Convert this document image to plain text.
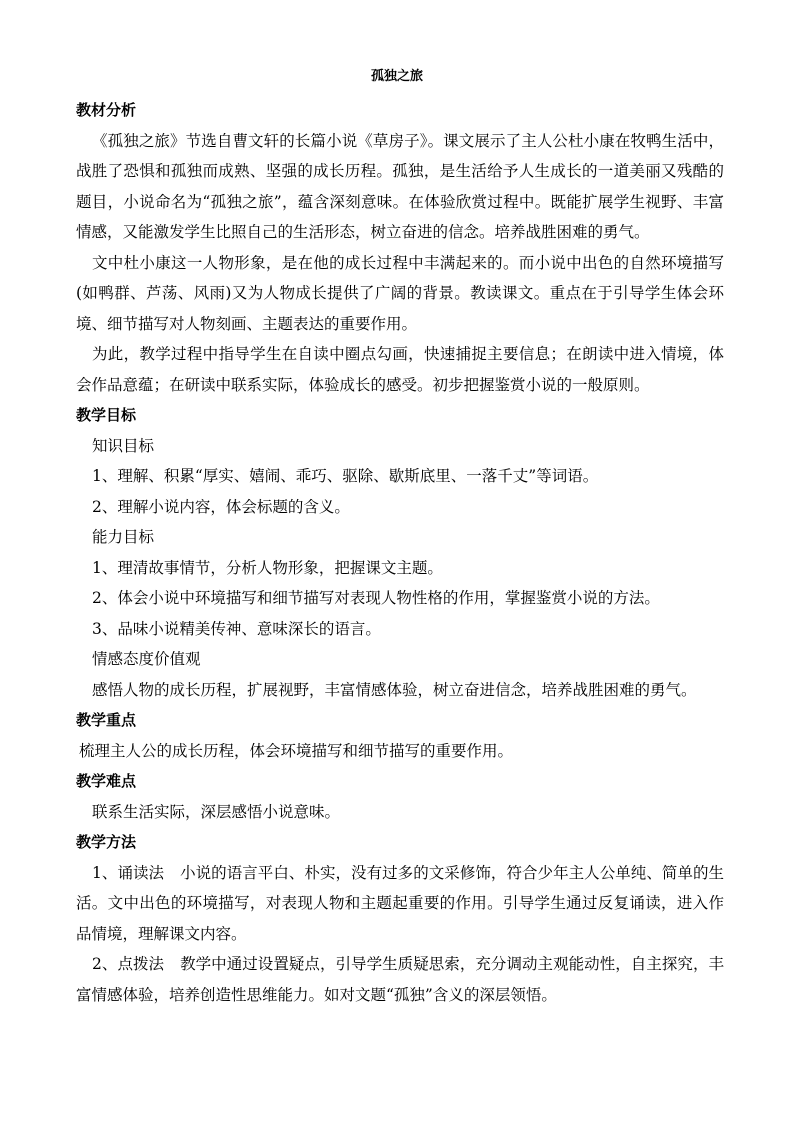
孤独之旅
教材分析

《孤独之旅》节选自曹文轩的长篇小说《草房子》。课文展示了主人公杜小康在牧鸭生活中，战胜了恐惧和孤独而成熟、坚强的成长历程。孤独，是生活给予人生成长的一道美丽又残酷的题目，小说命名为“孤独之旅”，蕴含深刻意味。在体验欣赏过程中。既能扩展学生视野、丰富情感，又能激发学生比照自己的生活形态，树立奋进的信念。培养战胜困难的勇气。

文中杜小康这一人物形象，是在他的成长过程中丰满起来的。而小说中出色的自然环境描写(如鸭群、芦荡、风雨)又为人物成长提供了广阔的背景。教读课文。重点在于引导学生体会环境、细节描写对人物刻画、主题表达的重要作用。

为此，教学过程中指导学生在自读中圈点勾画，快速捕捉主要信息；在朗读中进入情境，体会作品意蕴；在研读中联系实际，体验成长的感受。初步把握鉴赏小说的一般原则。

教学目标

知识目标

1、理解、积累“厚实、嬉闹、乖巧、驱除、歇斯底里、一落千丈”等词语。

2、理解小说内容，体会标题的含义。

能力目标

1、理清故事情节，分析人物形象，把握课文主题。

2、体会小说中环境描写和细节描写对表现人物性格的作用，掌握鉴赏小说的方法。

3、品味小说精美传神、意味深长的语言。

情感态度价值观

感悟人物的成长历程，扩展视野，丰富情感体验，树立奋进信念，培养战胜困难的勇气。

教学重点

梳理主人公的成长历程，体会环境描写和细节描写的重要作用。

教学难点

联系生活实际，深层感悟小说意味。

教学方法

1、诵读法 小说的语言平白、朴实，没有过多的文采修饰，符合少年主人公单纯、简单的生活。文中出色的环境描写，对表现人物和主题起重要的作用。引导学生通过反复诵读，进入作品情境，理解课文内容。

2、点拨法 教学中通过设置疑点，引导学生质疑思索，充分调动主观能动性，自主探究，丰富情感体验，培养创造性思维能力。如对文题“孤独”含义的深层领悟。
